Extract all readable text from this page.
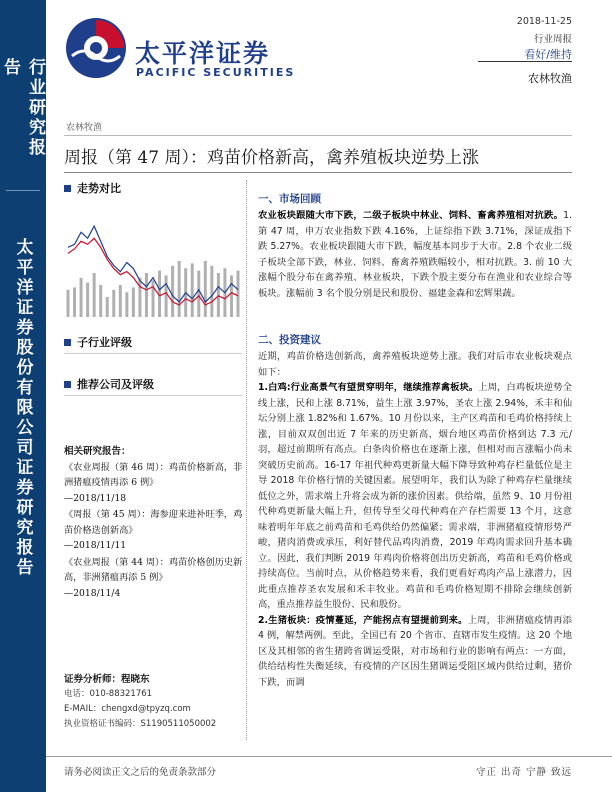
行业研究报告
太平洋证券股份有限公司证券研究报告
太平洋证券
PACIFIC SECURITIES
2018-11-25
行业周报
看好/维持
农林牧渔
农林牧渔
周报（第 47 周）：鸡苗价格新高，禽养殖板块逆势上涨
走势对比
子行业评级
推荐公司及评级
相关研究报告：
《农业周报（第 46 周）：鸡苗价格新高，非洲猪瘟疫情再添 6 例》
—2018/11/18
《周报（第 45 周）：海参迎来进补旺季，鸡苗价格迭创新高》
—2018/11/11
《农业周报（第 44 周）：鸡苗价格创历史新高，非洲猪瘟再添 5 例》
—2018/11/4
证券分析师：程晓东
电话：010-88321761
E-MAIL：chengxd@tpyzq.com
执业资格证书编码：S1190511050002
一、市场回顾

农业板块跟随大市下跌，二级子板块中林业、饲料、畜禽养殖相对抗跌。1.第 47 周，申万农业指数下跌 4.16%，上证综指下跌 3.71%，深证成指下跌 5.27%。农业板块跟随大市下跌，幅度基本同步于大市。2.8 个农业二级子板块全部下跌，林业、饲料、畜禽养殖跌幅较小，相对抗跌。3. 前 10 大涨幅个股分布在禽养殖、林业板块，下跌个股主要分布在渔业和农业综合等板块。涨幅前 3 名个股分别是民和股份、福建金森和宏辉果蔬。

二、投资建议

近期，鸡苗价格迭创新高，禽养殖板块逆势上涨。我们对后市农业板块观点如下：

1.白鸡:行业高景气有望贯穿明年，继续推荐禽板块。上周，白鸡板块逆势全线上涨，民和上涨 8.71%，益生上涨 3.97%，圣农上涨 2.94%，禾丰和仙坛分别上涨 1.82%和 1.67%。10 月份以来，主产区鸡苗和毛鸡价格持续上涨，目前双双创出近 7 年来的历史新高，烟台地区鸡苗价格到达 7.3 元/羽，超过前期所有高点。白条肉价格也在逐渐上涨，但相对而言涨幅小尚未突破历史前高。16-17 年祖代种鸡更新量大幅下降导致种鸡存栏量低位是主导 2018 年价格行情的关键因素。展望明年，我们认为除了种鸡存栏量继续低位之外，需求端上升将会成为新的涨价因素。供给端，虽然 9、10 月份祖代种鸡更新量大幅上升，但传导至父母代种鸡在产存栏需要 13 个月，这意味着明年年底之前鸡苗和毛鸡供给仍然偏紧；需求端，非洲猪瘟疫情形势严峻，猪肉消费或承压，利好替代品鸡肉消费，2019 年鸡肉需求回升基本确立。因此，我们判断 2019 年鸡肉价格将创出历史新高，鸡苗和毛鸡价格或持续高位。当前时点，从价格趋势来看，我们更看好鸡肉产品上涨潜力，因此重点推荐圣农发展和禾丰牧业。鸡苗和毛鸡价格短期不排除会继续创新高，重点推荐益生股份、民和股份。

2.生猪板块：疫情蔓延，产能拐点有望提前到来。上周，非洲猪瘟疫情再添 4 例，解禁两例。至此，全国已有 20 个省市、直辖市发生疫情。这 20 个地区及其相邻的省生猪跨省调运受限，对市场和行业的影响有两点：一方面，供给结构性失衡延续，有疫情的产区因生猪调运受阻区域内供给过剩，猪价下跌，而调

请务必阅读正文之后的免责条款部分	守正 出奇 宁静 致远
